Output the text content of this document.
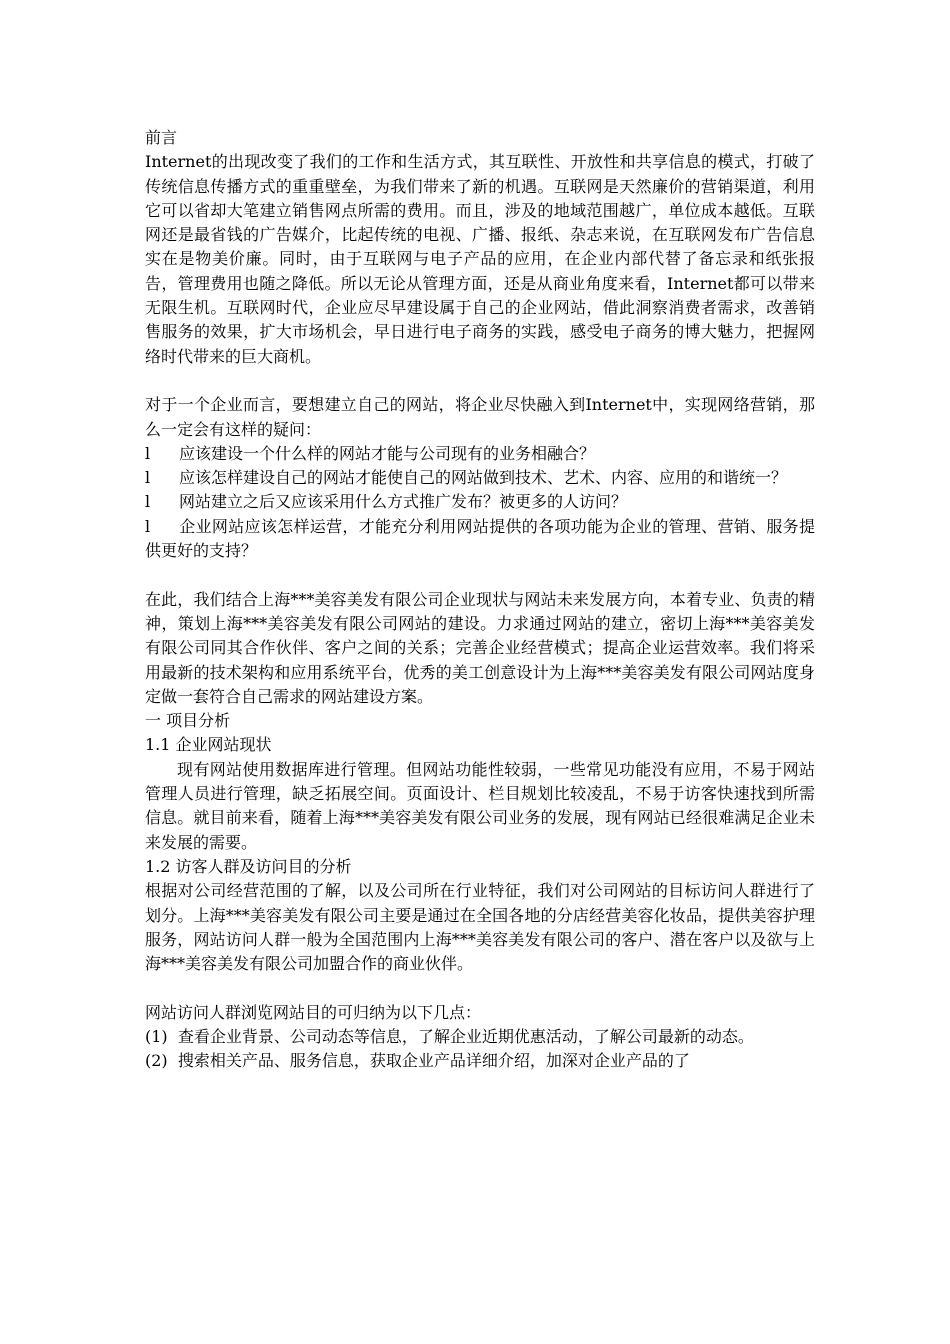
前言

Internet的出现改变了我们的工作和生活方式，其互联性、开放性和共享信息的模式，打破了传统信息传播方式的重重壁垒，为我们带来了新的机遇。互联网是天然廉价的营销渠道，利用它可以省却大笔建立销售网点所需的费用。而且，涉及的地域范围越广，单位成本越低。互联网还是最省钱的广告媒介，比起传统的电视、广播、报纸、杂志来说，在互联网发布广告信息实在是物美价廉。同时，由于互联网与电子产品的应用，在企业内部代替了备忘录和纸张报告，管理费用也随之降低。所以无论从管理方面，还是从商业角度来看，Internet都可以带来无限生机。互联网时代，企业应尽早建设属于自己的企业网站，借此洞察消费者需求，改善销售服务的效果，扩大市场机会，早日进行电子商务的实践，感受电子商务的博大魅力，把握网络时代带来的巨大商机。

对于一个企业而言，要想建立自己的网站，将企业尽快融入到Internet中，实现网络营销，那么一定会有这样的疑问：

l 应该建设一个什么样的网站才能与公司现有的业务相融合？

l 应该怎样建设自己的网站才能使自己的网站做到技术、艺术、内容、应用的和谐统一？

l 网站建立之后又应该采用什么方式推广发布？被更多的人访问？

l 企业网站应该怎样运营，才能充分利用网站提供的各项功能为企业的管理、营销、服务提供更好的支持？

在此，我们结合上海***美容美发有限公司企业现状与网站未来发展方向，本着专业、负责的精神，策划上海***美容美发有限公司网站的建设。力求通过网站的建立，密切上海***美容美发有限公司同其合作伙伴、客户之间的关系；完善企业经营模式；提高企业运营效率。我们将采用最新的技术架构和应用系统平台，优秀的美工创意设计为上海***美容美发有限公司网站度身定做一套符合自己需求的网站建设方案。

一 项目分析

1.1 企业网站现状

现有网站使用数据库进行管理。但网站功能性较弱，一些常见功能没有应用，不易于网站管理人员进行管理，缺乏拓展空间。页面设计、栏目规划比较凌乱，不易于访客快速找到所需信息。就目前来看，随着上海***美容美发有限公司业务的发展，现有网站已经很难满足企业未来发展的需要。

1.2 访客人群及访问目的分析

根据对公司经营范围的了解，以及公司所在行业特征，我们对公司网站的目标访问人群进行了划分。上海***美容美发有限公司主要是通过在全国各地的分店经营美容化妆品，提供美容护理服务，网站访问人群一般为全国范围内上海***美容美发有限公司的客户、潜在客户以及欲与上海***美容美发有限公司加盟合作的商业伙伴。

网站访问人群浏览网站目的可归纳为以下几点：

(1) 查看企业背景、公司动态等信息，了解企业近期优惠活动，了解公司最新的动态。

(2) 搜索相关产品、服务信息，获取企业产品详细介绍，加深对企业产品的了
